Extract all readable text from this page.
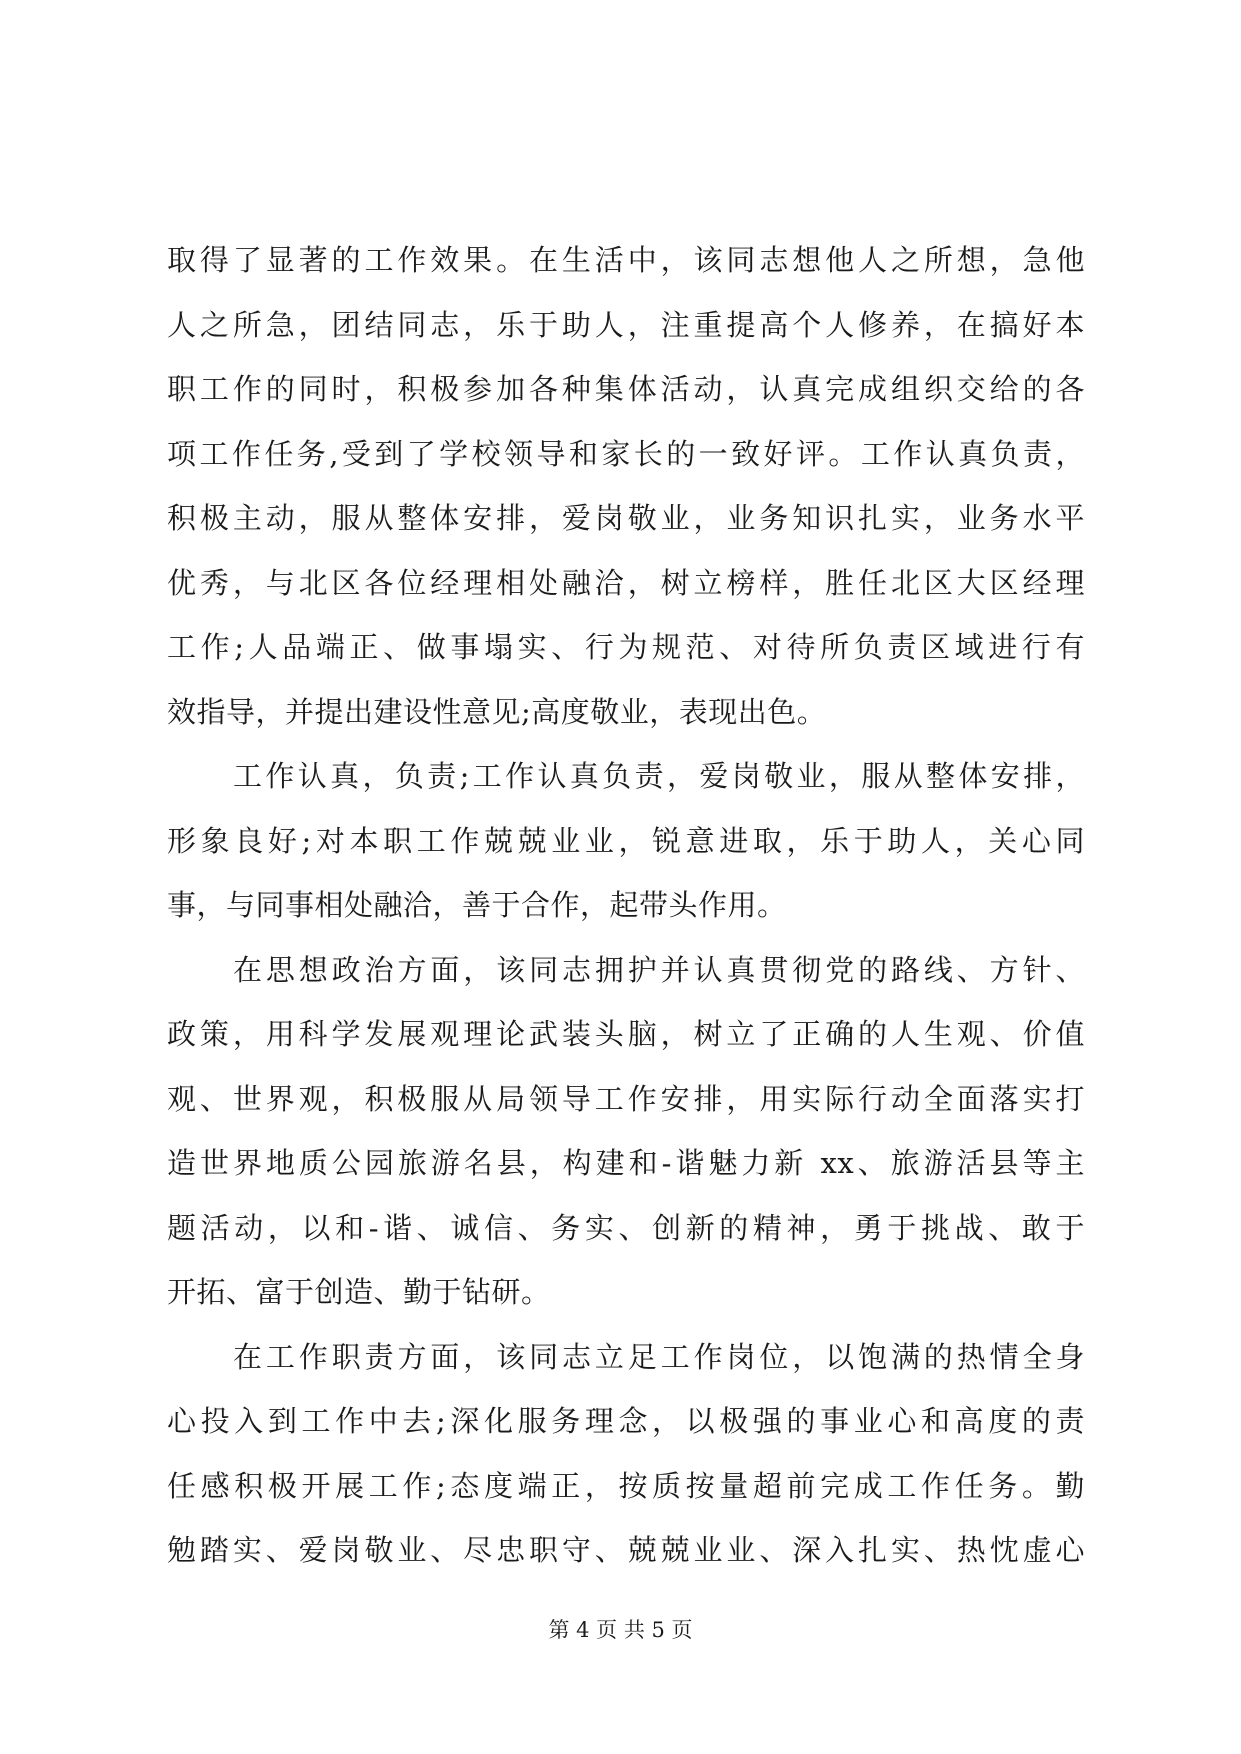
取得了显著的工作效果。在生活中，该同志想他人之所想，急他
人之所急，团结同志，乐于助人，注重提高个人修养，在搞好本
职工作的同时，积极参加各种集体活动，认真完成组织交给的各
项工作任务,受到了学校领导和家长的一致好评。工作认真负责，
积极主动，服从整体安排，爱岗敬业，业务知识扎实，业务水平
优秀，与北区各位经理相处融洽，树立榜样，胜任北区大区经理
工作;人品端正、做事塌实、行为规范、对待所负责区域进行有
效指导，并提出建设性意见;高度敬业，表现出色。
工作认真，负责;工作认真负责，爱岗敬业，服从整体安排，
形象良好;对本职工作兢兢业业，锐意进取，乐于助人，关心同
事，与同事相处融洽，善于合作，起带头作用。
在思想政治方面，该同志拥护并认真贯彻党的路线、方针、
政策，用科学发展观理论武装头脑，树立了正确的人生观、价值
观、世界观，积极服从局领导工作安排，用实际行动全面落实打
造世界地质公园旅游名县，构建和-谐魅力新 xx、旅游活县等主
题活动，以和-谐、诚信、务实、创新的精神，勇于挑战、敢于
开拓、富于创造、勤于钻研。
在工作职责方面，该同志立足工作岗位，以饱满的热情全身
心投入到工作中去;深化服务理念，以极强的事业心和高度的责
任感积极开展工作;态度端正，按质按量超前完成工作任务。勤
勉踏实、爱岗敬业、尽忠职守、兢兢业业、深入扎实、热忱虚心
第 4 页 共 5 页
